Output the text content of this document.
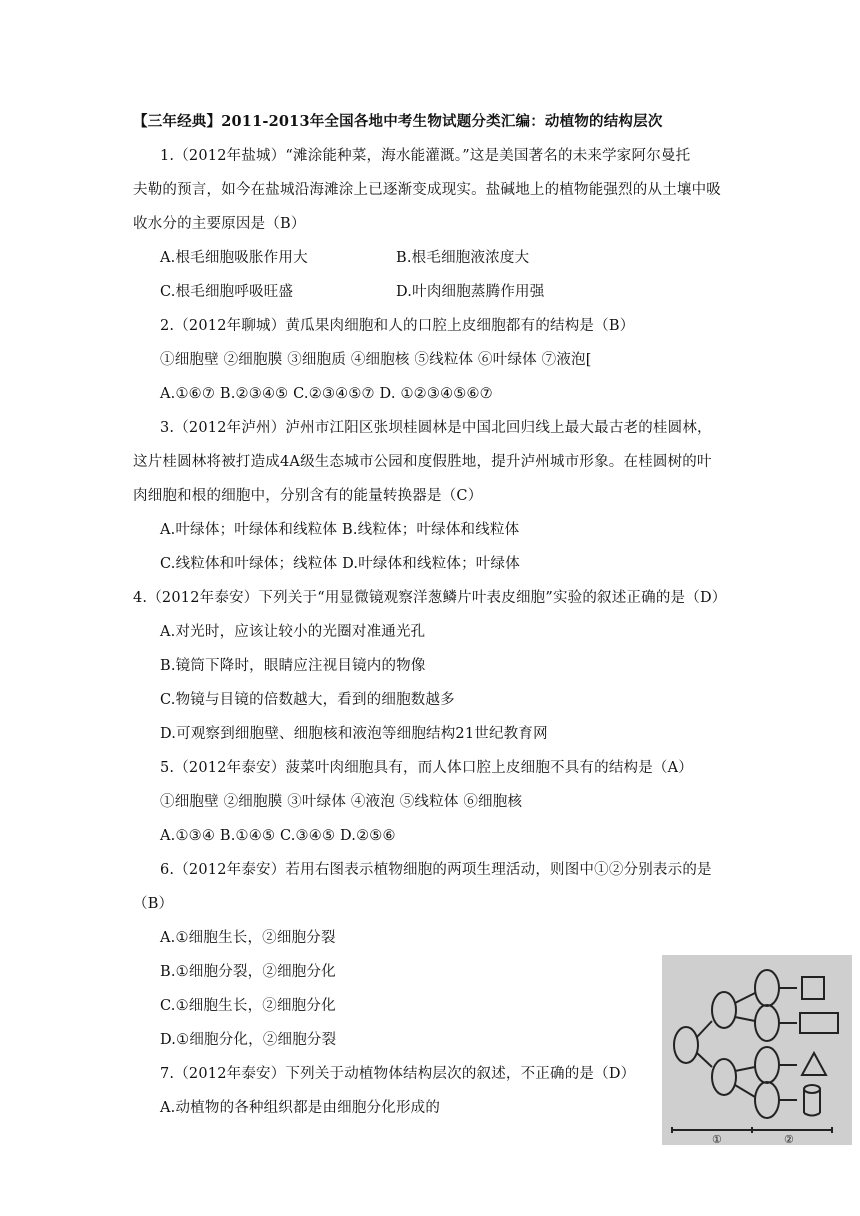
【三年经典】2011-2013年全国各地中考生物试题分类汇编：动植物的结构层次
1.（2012年盐城）“滩涂能种菜，海水能灌溉。”这是美国著名的未来学家阿尔曼托
夫勒的预言，如今在盐城沿海滩涂上已逐渐变成现实。盐碱地上的植物能强烈的从土壤中吸
收水分的主要原因是（B）
A.根毛细胞吸胀作用大	B.根毛细胞液浓度大
C.根毛细胞呼吸旺盛	D.叶肉细胞蒸腾作用强
2.（2012年聊城）黄瓜果肉细胞和人的口腔上皮细胞都有的结构是（B）
①细胞壁 ②细胞膜 ③细胞质 ④细胞核 ⑤线粒体 ⑥叶绿体 ⑦液泡[
A.①⑥⑦ B.②③④⑤ C.②③④⑤⑦ D. ①②③④⑤⑥⑦
3.（2012年泸州）泸州市江阳区张坝桂圆林是中国北回归线上最大最古老的桂圆林，
这片桂圆林将被打造成4A级生态城市公园和度假胜地，提升泸州城市形象。在桂圆树的叶
肉细胞和根的细胞中，分别含有的能量转换器是（C）
A.叶绿体；叶绿体和线粒体 B.线粒体；叶绿体和线粒体
C.线粒体和叶绿体；线粒体 D.叶绿体和线粒体；叶绿体
4.（2012年泰安）下列关于“用显微镜观察洋葱鳞片叶表皮细胞”实验的叙述正确的是（D）
A.对光时，应该让较小的光圈对准通光孔
B.镜筒下降时，眼睛应注视目镜内的物像
C.物镜与目镜的倍数越大，看到的细胞数越多
D.可观察到细胞壁、细胞核和液泡等细胞结构21世纪教育网
5.（2012年泰安）菠菜叶肉细胞具有，而人体口腔上皮细胞不具有的结构是（A）
①细胞壁 ②细胞膜 ③叶绿体 ④液泡 ⑤线粒体 ⑥细胞核
A.①③④ B.①④⑤ C.③④⑤ D.②⑤⑥
6.（2012年泰安）若用右图表示植物细胞的两项生理活动，则图中①②分别表示的是
（B）
A.①细胞生长，②细胞分裂
B.①细胞分裂，②细胞分化
C.①细胞生长，②细胞分化
D.①细胞分化，②细胞分裂
7.（2012年泰安）下列关于动植物体结构层次的叙述，不正确的是（D）
A.动植物的各种组织都是由细胞分化形成的
①	②
